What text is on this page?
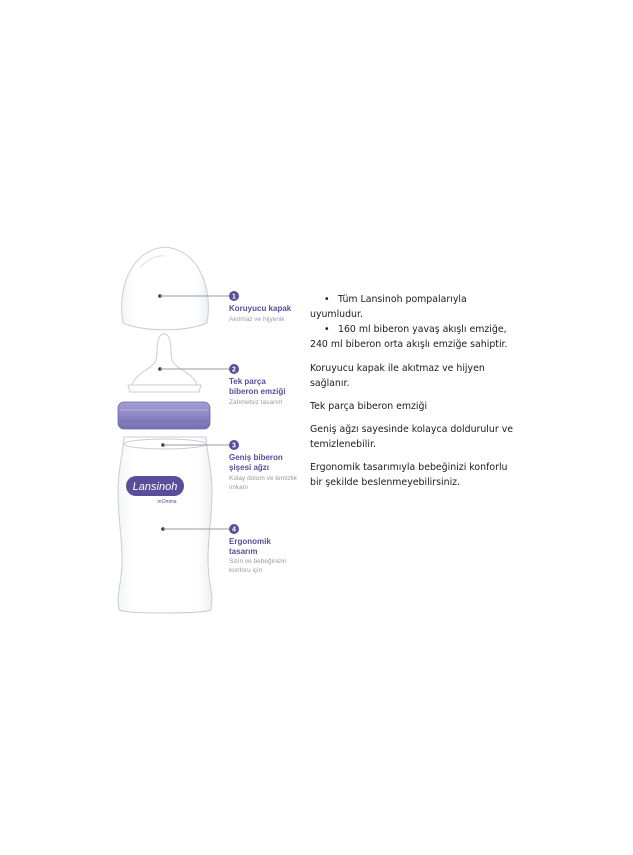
Lansinoh
mOmma
1
Koruyucu kapak
Akıtmaz ve hijyenik
2
Tek parça
biberon emziği
Zahmetsiz tasarım
3
Geniş biberon
şişesi ağzı
Kolay dolum ve temizlik
imkanı
4
Ergonomik
tasarım
Sizin ve bebeğinizin
konforu için

• Tüm Lansinoh pompalarıyla
uyumludur.

• 160 ml biberon yavaş akışlı emziğe,
240 ml biberon orta akışlı emziğe sahiptir.

Koruyucu kapak ile akıtmaz ve hijyen sağlanır.

Tek parça biberon emziği

Geniş ağzı sayesinde kolayca doldurulur ve temizlenebilir.

Ergonomik tasarımıyla bebeğinizi konforlu bir şekilde beslenmeyebilirsiniz.
